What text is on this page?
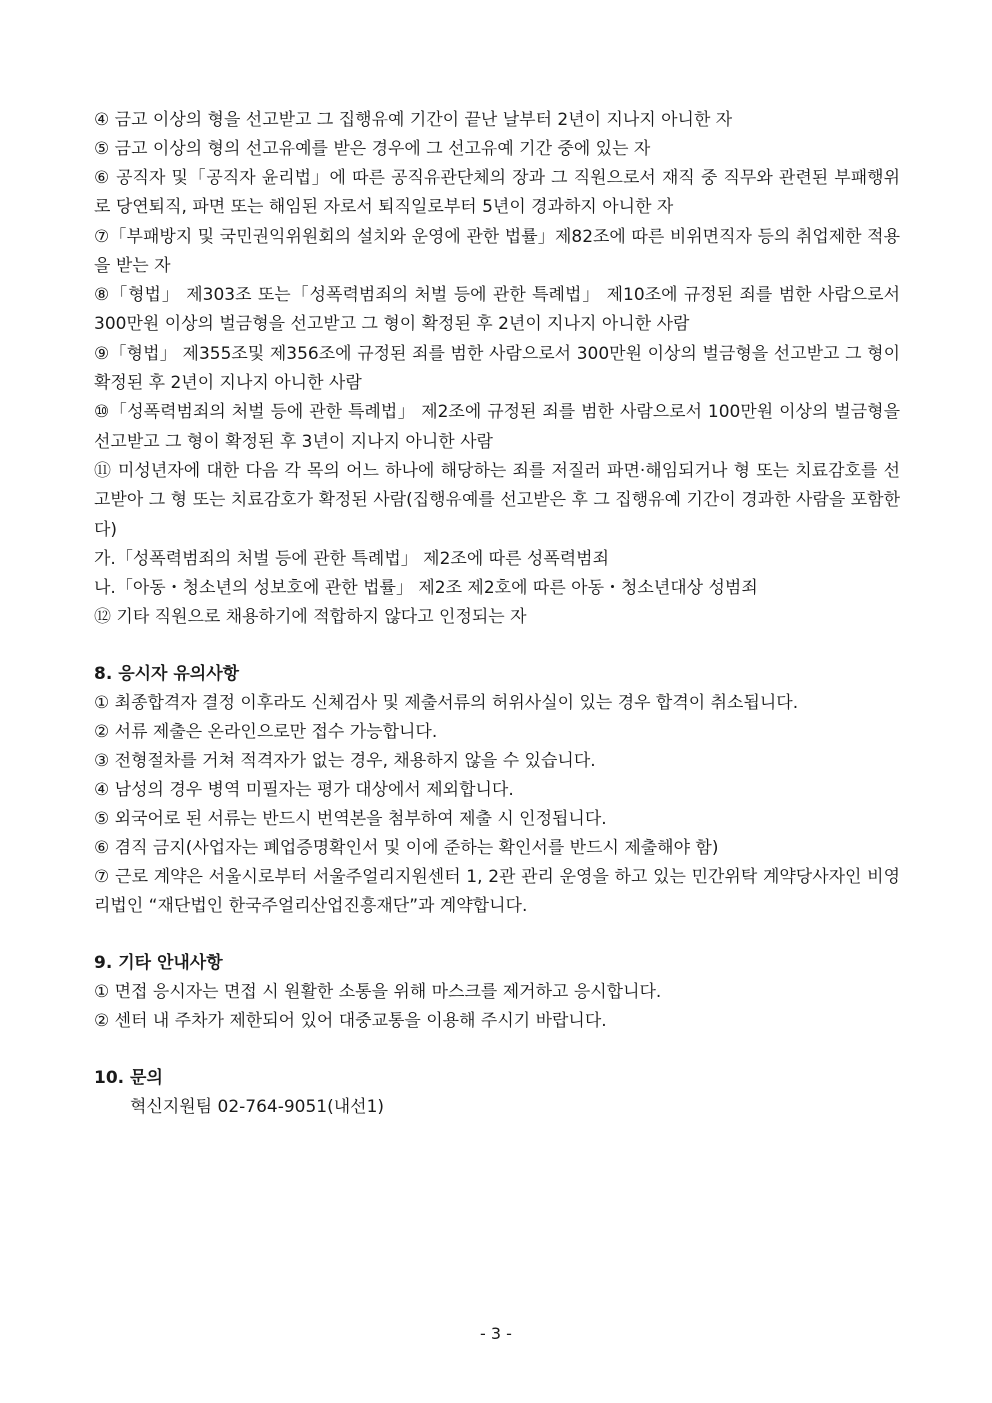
④ 금고 이상의 형을 선고받고 그 집행유예 기간이 끝난 날부터 2년이 지나지 아니한 자
⑤ 금고 이상의 형의 선고유예를 받은 경우에 그 선고유예 기간 중에 있는 자
⑥ 공직자 및「공직자 윤리법」에 따른 공직유관단체의 장과 그 직원으로서 재직 중 직무와 관련된 부패행위로 당연퇴직, 파면 또는 해임된 자로서 퇴직일로부터 5년이 경과하지 아니한 자
⑦「부패방지 및 국민권익위원회의 설치와 운영에 관한 법률」제82조에 따른 비위면직자 등의 취업제한 적용을 받는 자
⑧「형법」 제303조 또는「성폭력범죄의 처벌 등에 관한 특례법」 제10조에 규정된 죄를 범한 사람으로서 300만원 이상의 벌금형을 선고받고 그 형이 확정된 후 2년이 지나지 아니한 사람
⑨「형법」 제355조및 제356조에 규정된 죄를 범한 사람으로서 300만원 이상의 벌금형을 선고받고 그 형이 확정된 후 2년이 지나지 아니한 사람
⑩「성폭력범죄의 처벌 등에 관한 특례법」 제2조에 규정된 죄를 범한 사람으로서 100만원 이상의 벌금형을 선고받고 그 형이 확정된 후 3년이 지나지 아니한 사람
⑪ 미성년자에 대한 다음 각 목의 어느 하나에 해당하는 죄를 저질러 파면·해임되거나 형 또는 치료감호를 선고받아 그 형 또는 치료감호가 확정된 사람(집행유예를 선고받은 후 그 집행유예 기간이 경과한 사람을 포함한다)
가.「성폭력범죄의 처벌 등에 관한 특례법」 제2조에 따른 성폭력범죄
나.「아동・청소년의 성보호에 관한 법률」 제2조 제2호에 따른 아동・청소년대상 성범죄
⑫ 기타 직원으로 채용하기에 적합하지 않다고 인정되는 자
8. 응시자 유의사항
① 최종합격자 결정 이후라도 신체검사 및 제출서류의 허위사실이 있는 경우 합격이 취소됩니다.
② 서류 제출은 온라인으로만 접수 가능합니다.
③ 전형절차를 거쳐 적격자가 없는 경우, 채용하지 않을 수 있습니다.
④ 남성의 경우 병역 미필자는 평가 대상에서 제외합니다.
⑤ 외국어로 된 서류는 반드시 번역본을 첨부하여 제출 시 인정됩니다.
⑥ 겸직 금지(사업자는 폐업증명확인서 및 이에 준하는 확인서를 반드시 제출해야 함)
⑦ 근로 계약은 서울시로부터 서울주얼리지원센터 1, 2관 관리 운영을 하고 있는 민간위탁 계약당사자인 비영리법인 “재단법인 한국주얼리산업진흥재단”과 계약합니다.
9. 기타 안내사항
① 면접 응시자는 면접 시 원활한 소통을 위해 마스크를 제거하고 응시합니다.
② 센터 내 주차가 제한되어 있어 대중교통을 이용해 주시기 바랍니다.
10. 문의
혁신지원팀 02-764-9051(내선1)
- 3 -
